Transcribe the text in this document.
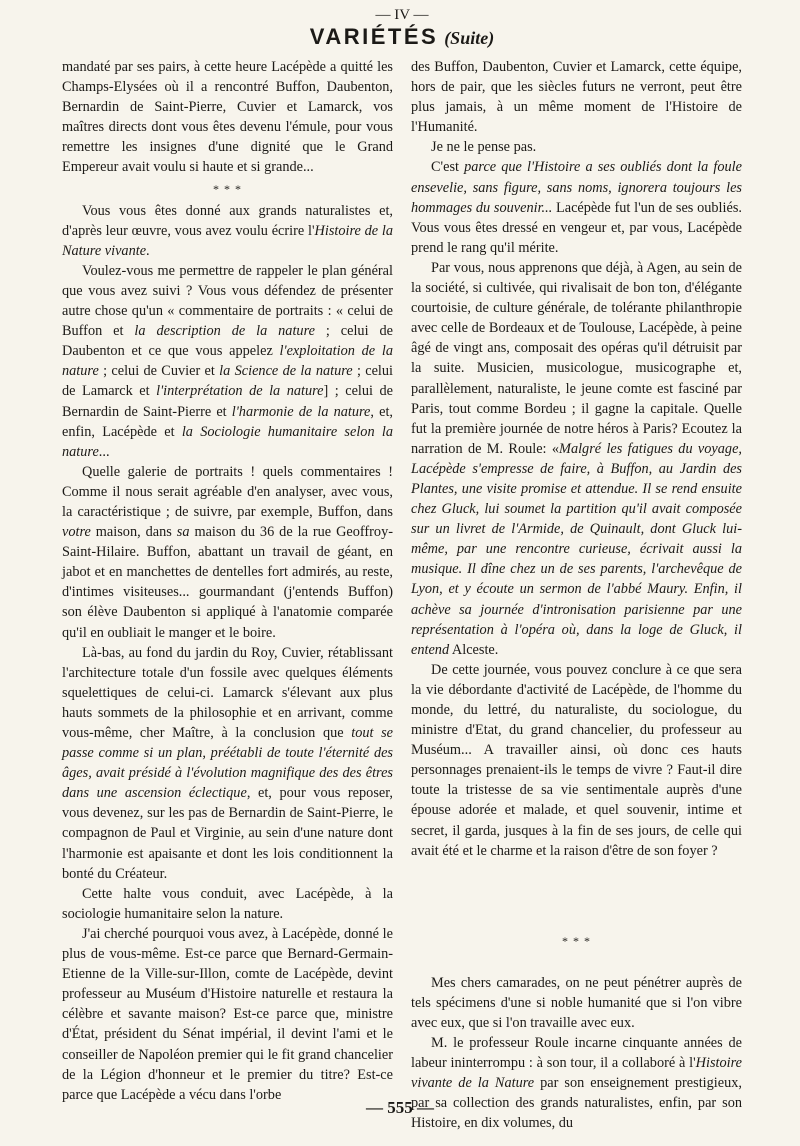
— IV —
VARIÉTÉS (Suite)

mandaté par ses pairs, à cette heure Lacépède a quitté les Champs-Elysées où il a rencontré Buffon, Daubenton, Bernardin de Saint-Pierre, Cuvier et Lamarck, vos maîtres directs dont vous êtes devenu l'émule, pour vous remettre les insignes d'une dignité que le Grand Empereur avait voulu si haute et si grande...

* * *

Vous vous êtes donné aux grands naturalistes et, d'après leur œuvre, vous avez voulu écrire l'Histoire de la Nature vivante.

Voulez-vous me permettre de rappeler le plan général que vous avez suivi ? Vous vous défendez de présenter autre chose qu'un « commentaire de portraits : « celui de Buffon et la description de la nature ; celui de Daubenton et ce que vous appelez l'exploitation de la nature ; celui de Cuvier et la Science de la nature ; celui de Lamarck et l'interprétation de la nature] ; celui de Bernardin de Saint-Pierre et l'harmonie de la nature, et, enfin, Lacépède et la Sociologie humanitaire selon la nature...

Quelle galerie de portraits ! quels commentaires ! Comme il nous serait agréable d'en analyser, avec vous, la caractéristique ; de suivre, par exemple, Buffon, dans votre maison, dans sa maison du 36 de la rue Geoffroy-Saint-Hilaire. Buffon, abattant un travail de géant, en jabot et en manchettes de dentelles fort admirés, au reste, d'intimes visiteuses... gourmandant (j'entends Buffon) son élève Daubenton si appliqué à l'anatomie comparée qu'il en oubliait le manger et le boire.

Là-bas, au fond du jardin du Roy, Cuvier, rétablissant l'architecture totale d'un fossile avec quelques éléments squelettiques de celui-ci. Lamarck s'élevant aux plus hauts sommets de la philosophie et en arrivant, comme vous-même, cher Maître, à la conclusion que tout se passe comme si un plan, préétabli de toute l'éternité des âges, avait présidé à l'évolution magnifique des des êtres dans une ascension éclectique, et, pour vous reposer, vous devenez, sur les pas de Bernardin de Saint-Pierre, le compagnon de Paul et Virginie, au sein d'une nature dont l'harmonie est apaisante et dont les lois conditionnent la bonté du Créateur.

Cette halte vous conduit, avec Lacépède, à la sociologie humanitaire selon la nature.

J'ai cherché pourquoi vous avez, à Lacépède, donné le plus de vous-même. Est-ce parce que Bernard-Germain-Etienne de la Ville-sur-Illon, comte de Lacépède, devint professeur au Muséum d'Histoire naturelle et restaura la célèbre et savante maison? Est-ce parce que, ministre d'État, président du Sénat impérial, il devint l'ami et le conseiller de Napoléon premier qui le fit grand chancelier de la Légion d'honneur et le premier du titre? Est-ce parce que Lacépède a vécu dans l'orbe

des Buffon, Daubenton, Cuvier et Lamarck, cette équipe, hors de pair, que les siècles futurs ne verront, peut être plus jamais, à un même moment de l'Histoire de l'Humanité.

Je ne le pense pas.

C'est parce que l'Histoire a ses oubliés dont la foule ensevelie, sans figure, sans noms, ignorera toujours les hommages du souvenir... Lacépède fut l'un de ses oubliés. Vous vous êtes dressé en vengeur et, par vous, Lacépède prend le rang qu'il mérite.

Par vous, nous apprenons que déjà, à Agen, au sein de la société, si cultivée, qui rivalisait de bon ton, d'élégante courtoisie, de culture générale, de tolérante philanthropie avec celle de Bordeaux et de Toulouse, Lacépède, à peine âgé de vingt ans, composait des opéras qu'il détruisit par la suite. Musicien, musicologue, musicographe et, parallèlement, naturaliste, le jeune comte est fasciné par Paris, tout comme Bordeu ; il gagne la capitale. Quelle fut la première journée de notre héros à Paris? Ecoutez la narration de M. Roule: «Malgré les fatigues du voyage, Lacépède s'empresse de faire, à Buffon, au Jardin des Plantes, une visite promise et attendue. Il se rend ensuite chez Gluck, lui soumet la partition qu'il avait composée sur un livret de l'Armide, de Quinault, dont Gluck lui-même, par une rencontre curieuse, écrivait aussi la musique. Il dîne chez un de ses parents, l'archevêque de Lyon, et y écoute un sermon de l'abbé Maury. Enfin, il achève sa journée d'intronisation parisienne par une représentation à l'opéra où, dans la loge de Gluck, il entend Alceste.

De cette journée, vous pouvez conclure à ce que sera la vie débordante d'activité de Lacépède, de l'homme du monde, du lettré, du naturaliste, du sociologue, du ministre d'Etat, du grand chancelier, du professeur au Muséum... A travailler ainsi, où donc ces hauts personnages prenaient-ils le temps de vivre ? Faut-il dire toute la tristesse de sa vie sentimentale auprès d'une épouse adorée et malade, et quel souvenir, intime et secret, il garda, jusques à la fin de ses jours, de celle qui avait été et le charme et la raison d'être de son foyer ?

* * *

Mes chers camarades, on ne peut pénétrer auprès de tels spécimens d'une si noble humanité que si l'on vibre avec eux, que si l'on travaille avec eux.

M. le professeur Roule incarne cinquante années de labeur ininterrompu : à son tour, il a collaboré à l'Histoire vivante de la Nature par son enseignement prestigieux, par sa collection des grands naturalistes, enfin, par son Histoire, en dix volumes, du

— 555 —
